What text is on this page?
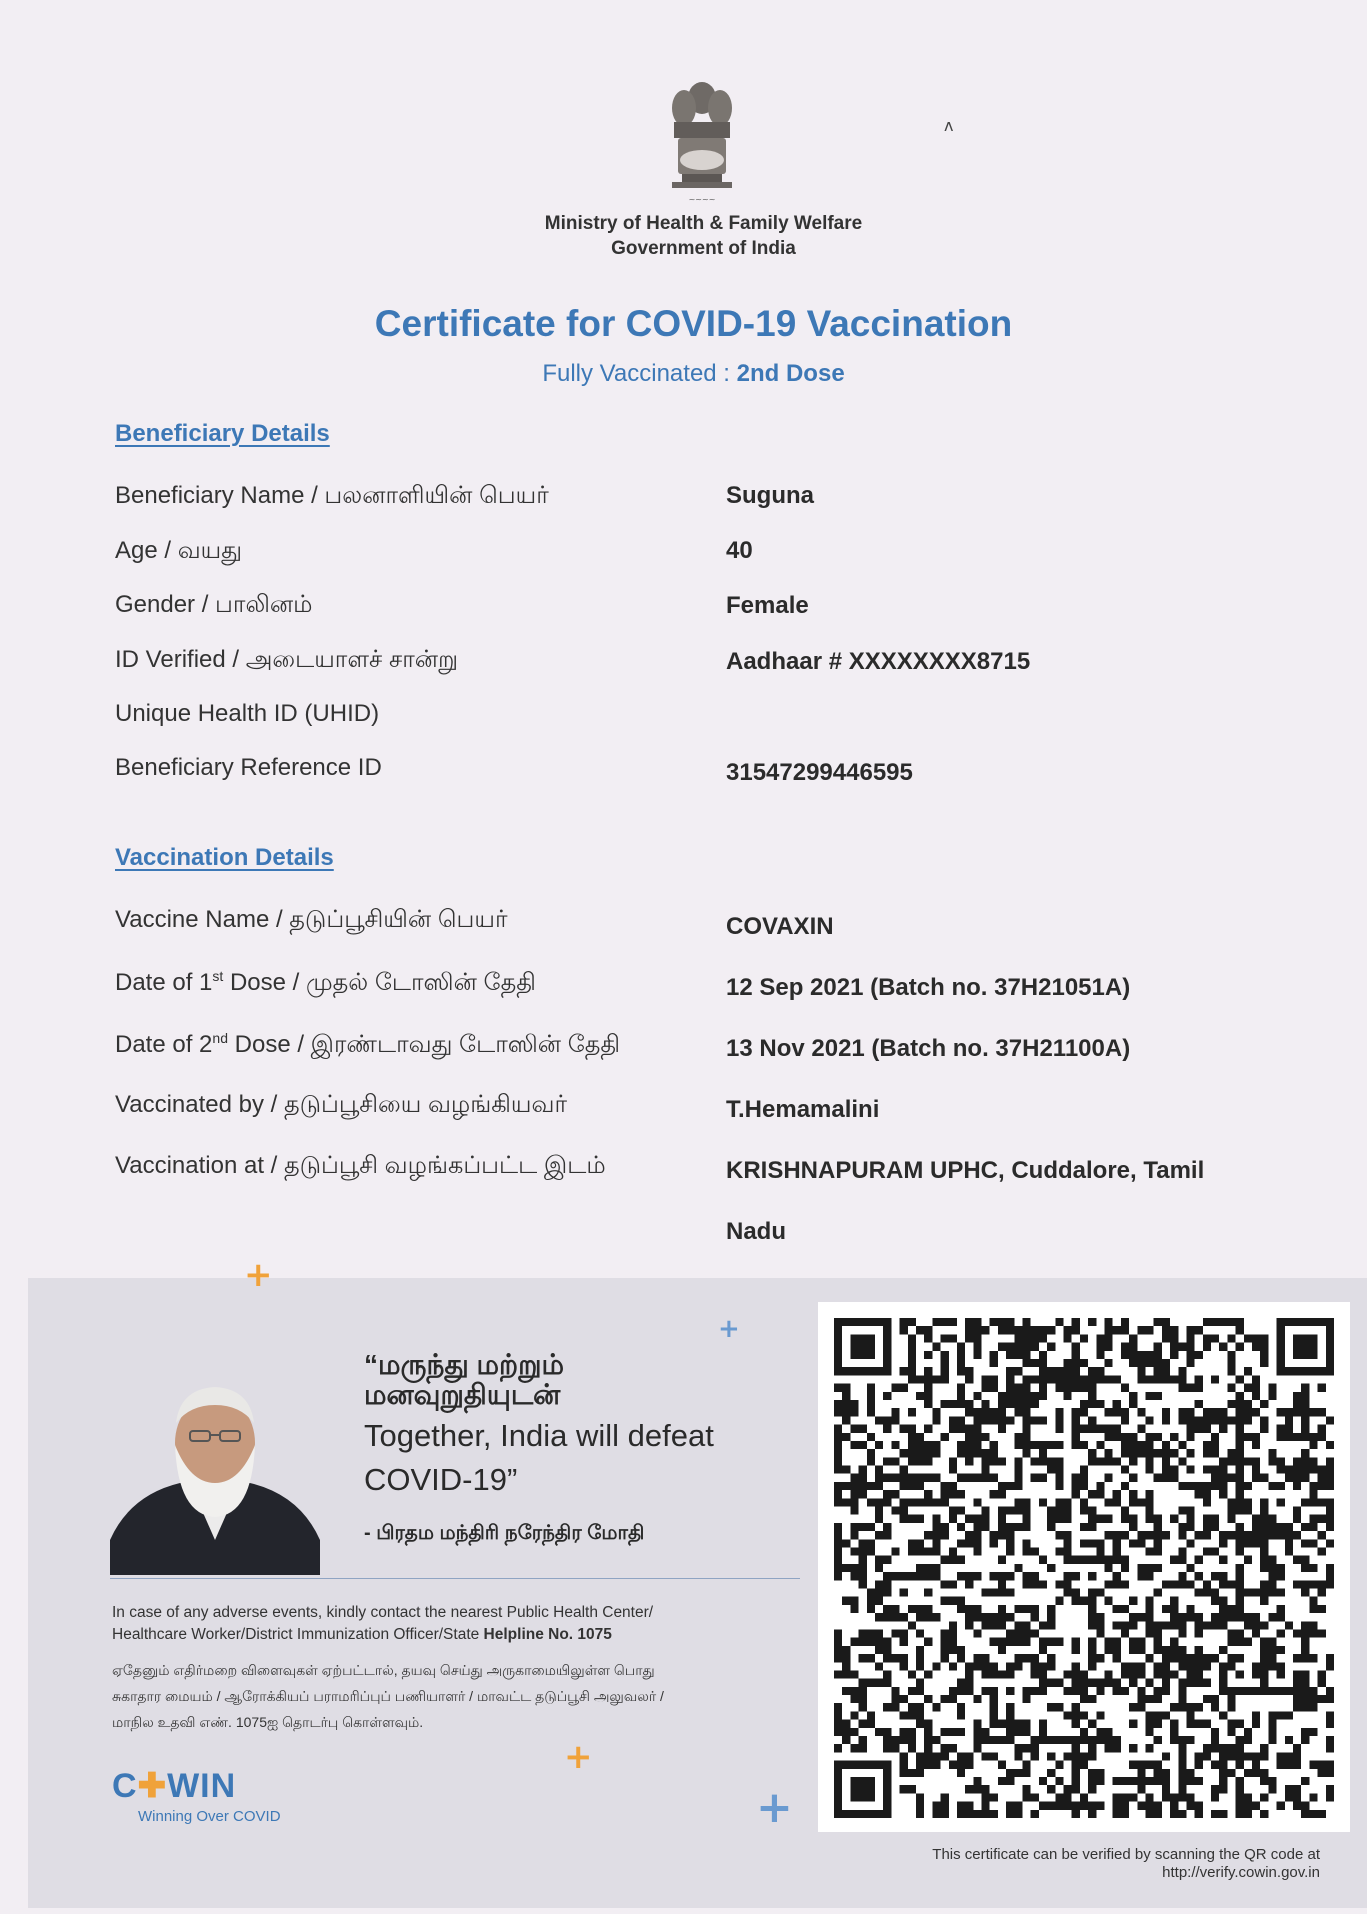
~~~~
ʌ
Ministry of Health & Family Welfare
Government of India
Certificate for COVID-19 Vaccination
Fully Vaccinated : 2nd Dose
Beneficiary Details
Beneficiary Name / பலனாளியின் பெயர்	Suguna
Age / வயது	40
Gender / பாலினம்	Female
ID Verified / அடையாளச் சான்று	Aadhaar # XXXXXXXX8715
Unique Health ID (UHID)
Beneficiary Reference ID	31547299446595
Vaccination Details
Vaccine Name / தடுப்பூசியின் பெயர்	COVAXIN
Date of 1st Dose / முதல் டோஸின் தேதி	12 Sep 2021 (Batch no. 37H21051A)
Date of 2nd Dose / இரண்டாவது டோஸின் தேதி	13 Nov 2021 (Batch no. 37H21100A)
Vaccinated by / தடுப்பூசியை வழங்கியவர்	T.Hemamalini
Vaccination at / தடுப்பூசி வழங்கப்பட்ட இடம்	KRISHNAPURAM UPHC, Cuddalore, Tamil
Nadu
+
+
+
+
“மருந்து மற்றும்
மனவுறுதியுடன்
Together, India will defeat
COVID-19”
- பிரதம மந்திரி நரேந்திர மோதி
In case of any adverse events, kindly contact the nearest Public Health Center/
Healthcare Worker/District Immunization Officer/State Helpline No. 1075
ஏதேனும் எதிர்மறை விளைவுகள் ஏற்பட்டால், தயவு செய்து அருகாமையிலுள்ள பொது
சுகாதார மையம் / ஆரோக்கியப் பராமரிப்புப் பணியாளர் / மாவட்ட தடுப்பூசி அலுவலர் /
மாநில உதவி எண். 1075ஐ தொடர்பு கொள்ளவும்.
C✚WIN
Winning Over COVID
This certificate can be verified by scanning the QR code at
http://verify.cowin.gov.in
